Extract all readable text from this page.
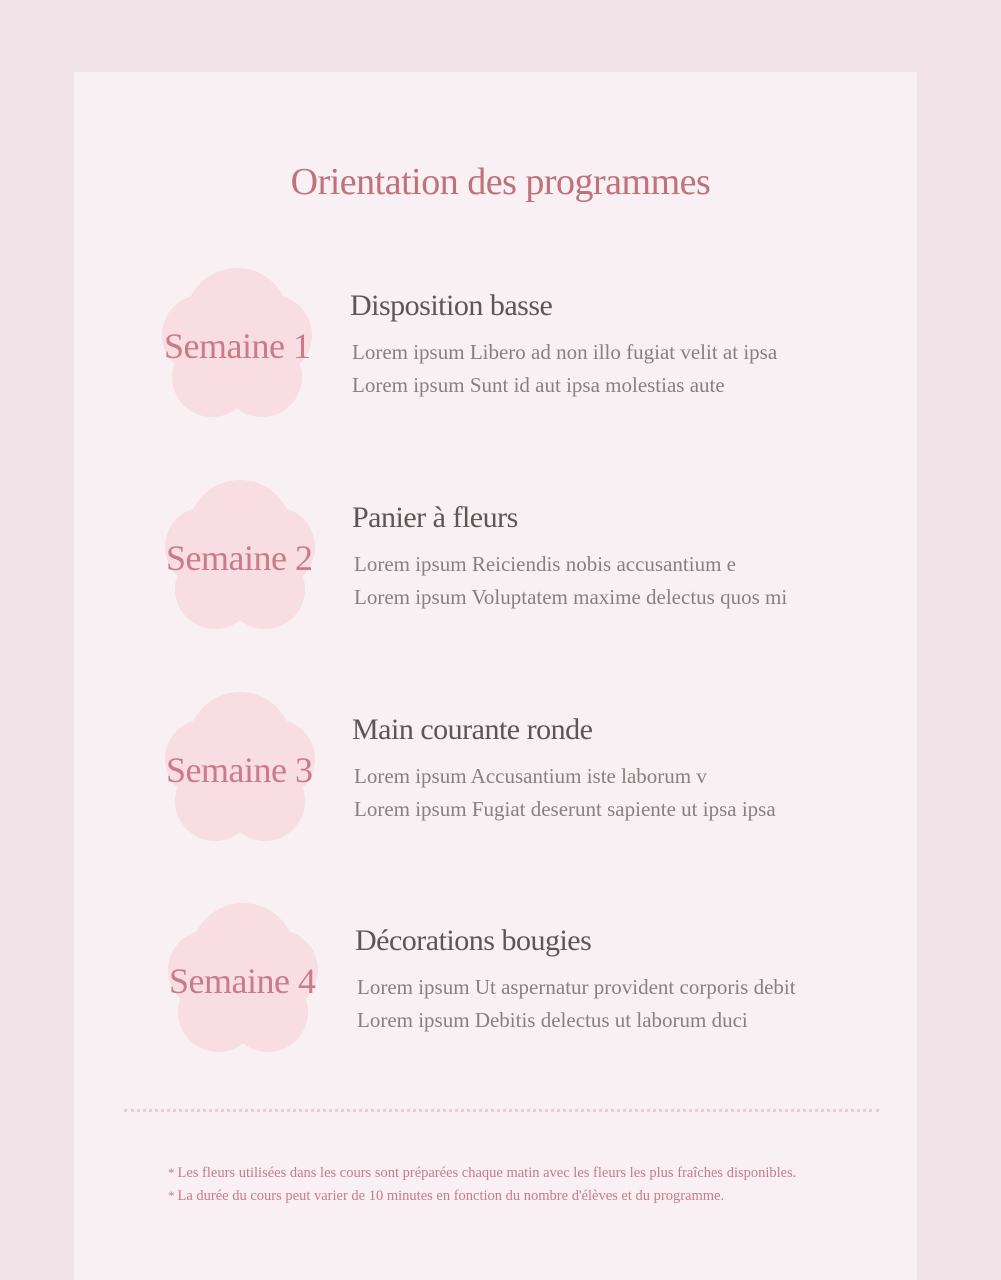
Orientation des programmes
Semaine 1
Disposition basse
Lorem ipsum Libero ad non illo fugiat velit at ipsa
Lorem ipsum Sunt id aut ipsa molestias aute
Semaine 2
Panier à fleurs
Lorem ipsum Reiciendis nobis accusantium e
Lorem ipsum Voluptatem maxime delectus quos mi
Semaine 3
Main courante ronde
Lorem ipsum Accusantium iste laborum v
Lorem ipsum Fugiat deserunt sapiente ut ipsa ipsa
Semaine 4
Décorations bougies
Lorem ipsum Ut aspernatur provident corporis debit
Lorem ipsum Debitis delectus ut laborum duci
* Les fleurs utilisées dans les cours sont préparées chaque matin avec les fleurs les plus fraîches disponibles.
* La durée du cours peut varier de 10 minutes en fonction du nombre d'élèves et du programme.
